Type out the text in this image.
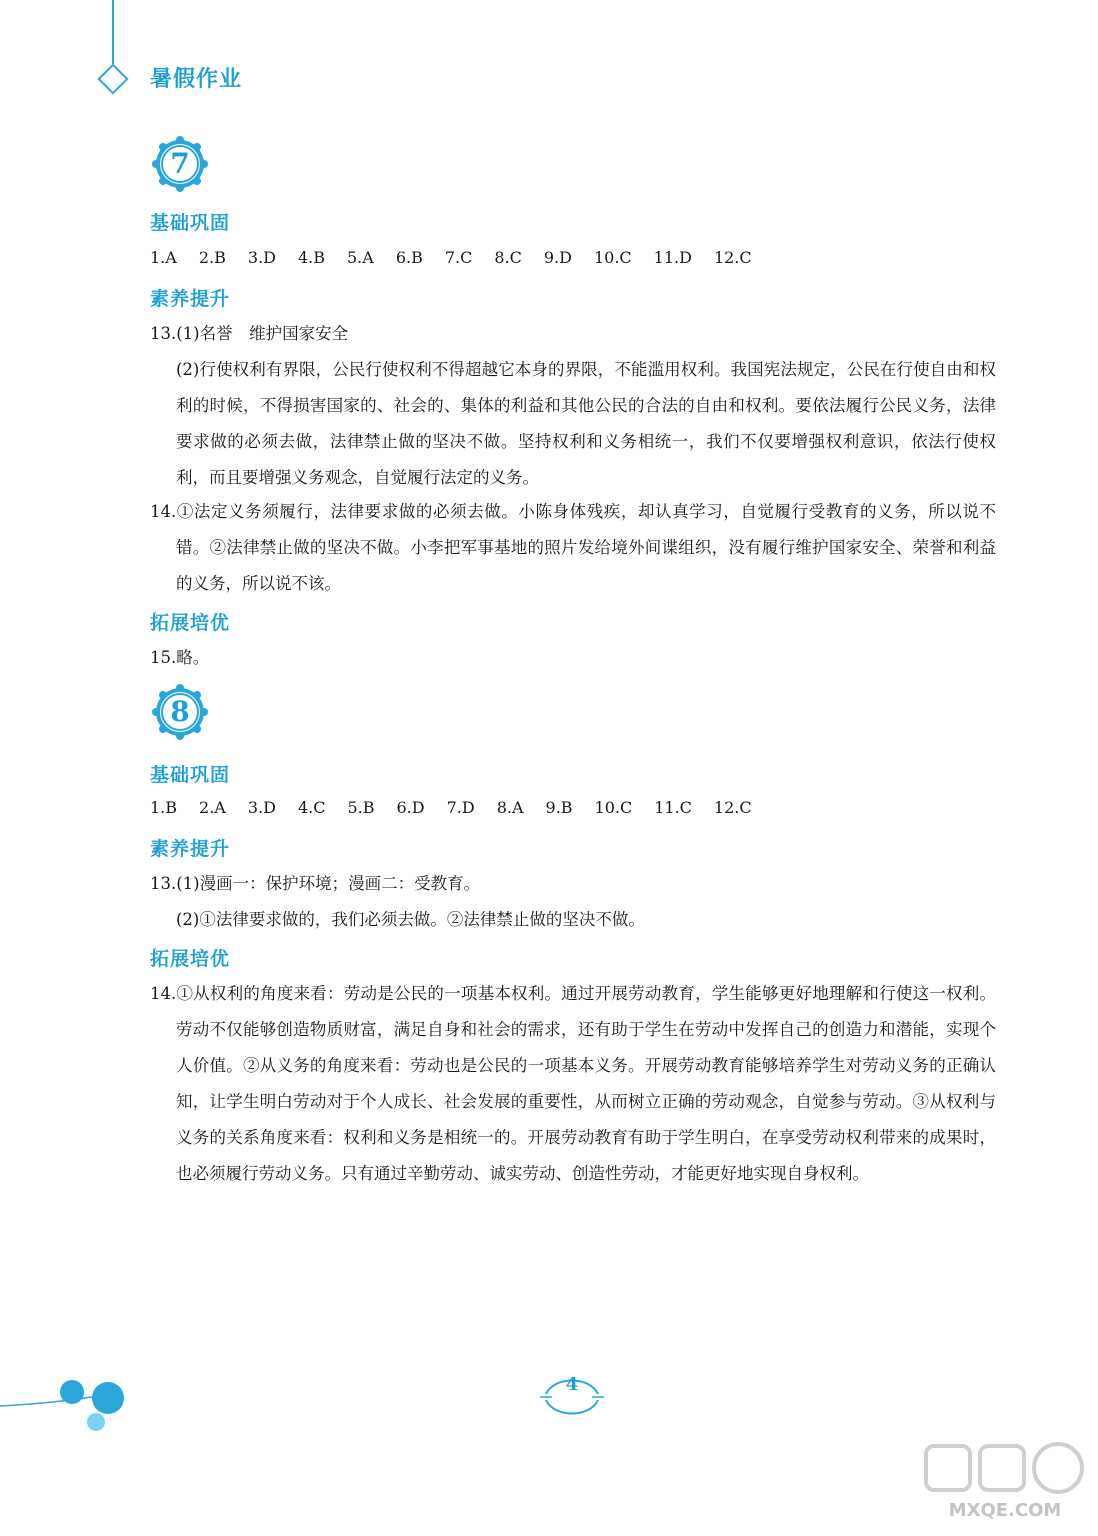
暑假作业
7
基础巩固
1.A 2.B 3.D 4.B 5.A 6.B 7.C 8.C 9.D 10.C 11.D 12.C
素养提升
13.(1)名誉　维护国家安全
(2)行使权利有界限，公民行使权利不得超越它本身的界限，不能滥用权利。我国宪法规定，公民在行使自由和权利的时候，不得损害国家的、社会的、集体的利益和其他公民的合法的自由和权利。要依法履行公民义务，法律要求做的必须去做，法律禁止做的坚决不做。坚持权利和义务相统一，我们不仅要增强权利意识，依法行使权利，而且要增强义务观念，自觉履行法定的义务。
14.①法定义务须履行，法律要求做的必须去做。小陈身体残疾，却认真学习，自觉履行受教育的义务，所以说不错。②法律禁止做的坚决不做。小李把军事基地的照片发给境外间谍组织，没有履行维护国家安全、荣誉和利益的义务，所以说不该。
拓展培优
15.略。
8
基础巩固
1.B 2.A 3.D 4.C 5.B 6.D 7.D 8.A 9.B 10.C 11.C 12.C
素养提升
13.(1)漫画一：保护环境；漫画二：受教育。
(2)①法律要求做的，我们必须去做。②法律禁止做的坚决不做。
拓展培优
14.①从权利的角度来看：劳动是公民的一项基本权利。通过开展劳动教育，学生能够更好地理解和行使这一权利。劳动不仅能够创造物质财富，满足自身和社会的需求，还有助于学生在劳动中发挥自己的创造力和潜能，实现个人价值。②从义务的角度来看：劳动也是公民的一项基本义务。开展劳动教育能够培养学生对劳动义务的正确认知，让学生明白劳动对于个人成长、社会发展的重要性，从而树立正确的劳动观念，自觉参与劳动。③从权利与义务的关系角度来看：权利和义务是相统一的。开展劳动教育有助于学生明白，在享受劳动权利带来的成果时，也必须履行劳动义务。只有通过辛勤劳动、诚实劳动、创造性劳动，才能更好地实现自身权利。
4
MXQE.COM
